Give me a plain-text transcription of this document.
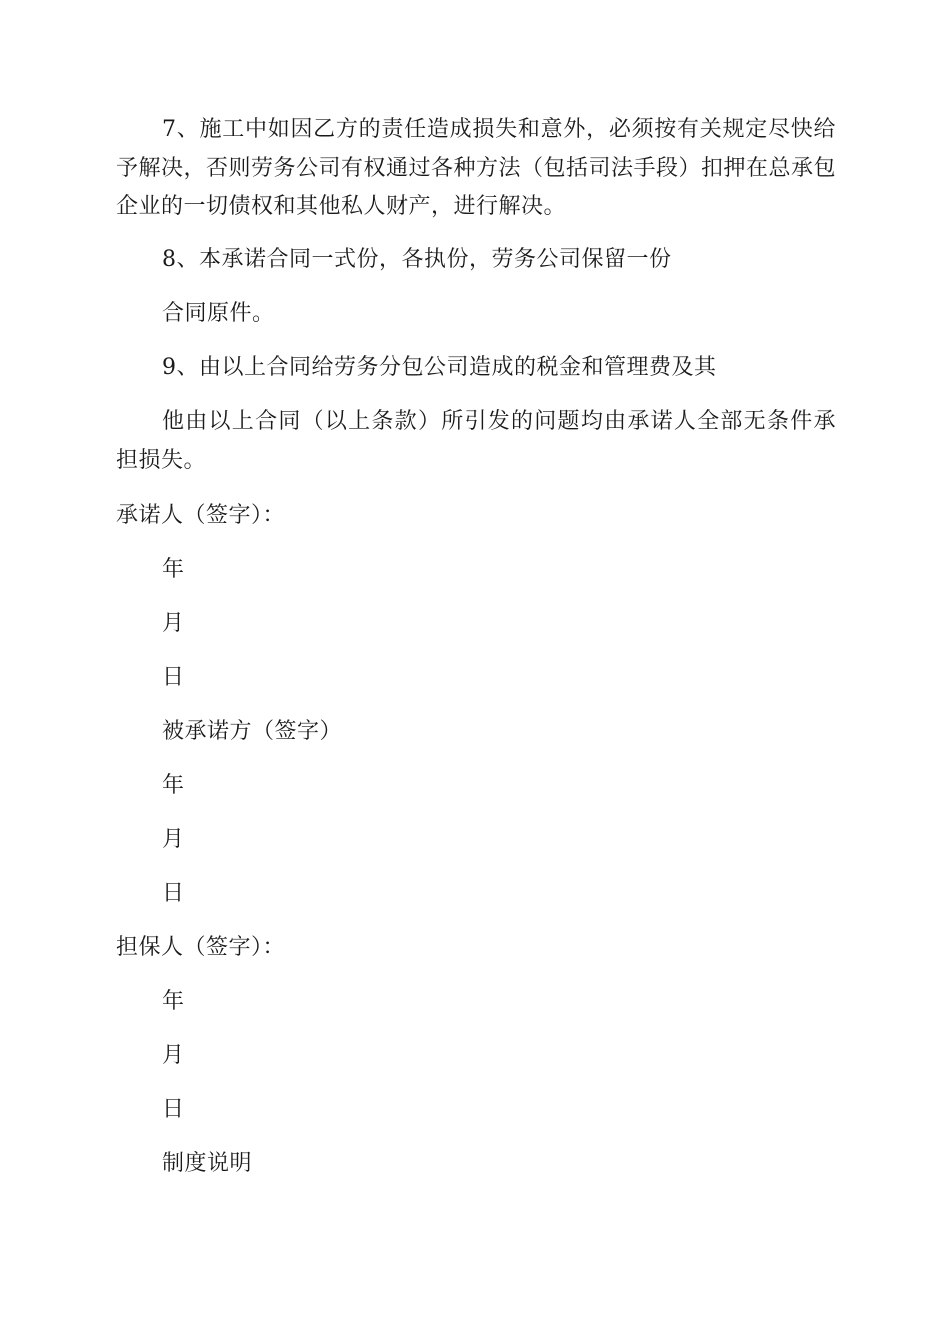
7、施工中如因乙方的责任造成损失和意外，必须按有关规定尽快给予解决，否则劳务公司有权通过各种方法（包括司法手段）扣押在总承包企业的一切债权和其他私人财产，进行解决。

8、本承诺合同一式份，各执份，劳务公司保留一份
合同原件。
9、由以上合同给劳务分包公司造成的税金和管理费及其

他由以上合同（以上条款）所引发的问题均由承诺人全部无条件承担损失。

承诺人（签字）：
年
月
日
被承诺方（签字）
年
月
日
担保人（签字）：
年
月
日
制度说明
